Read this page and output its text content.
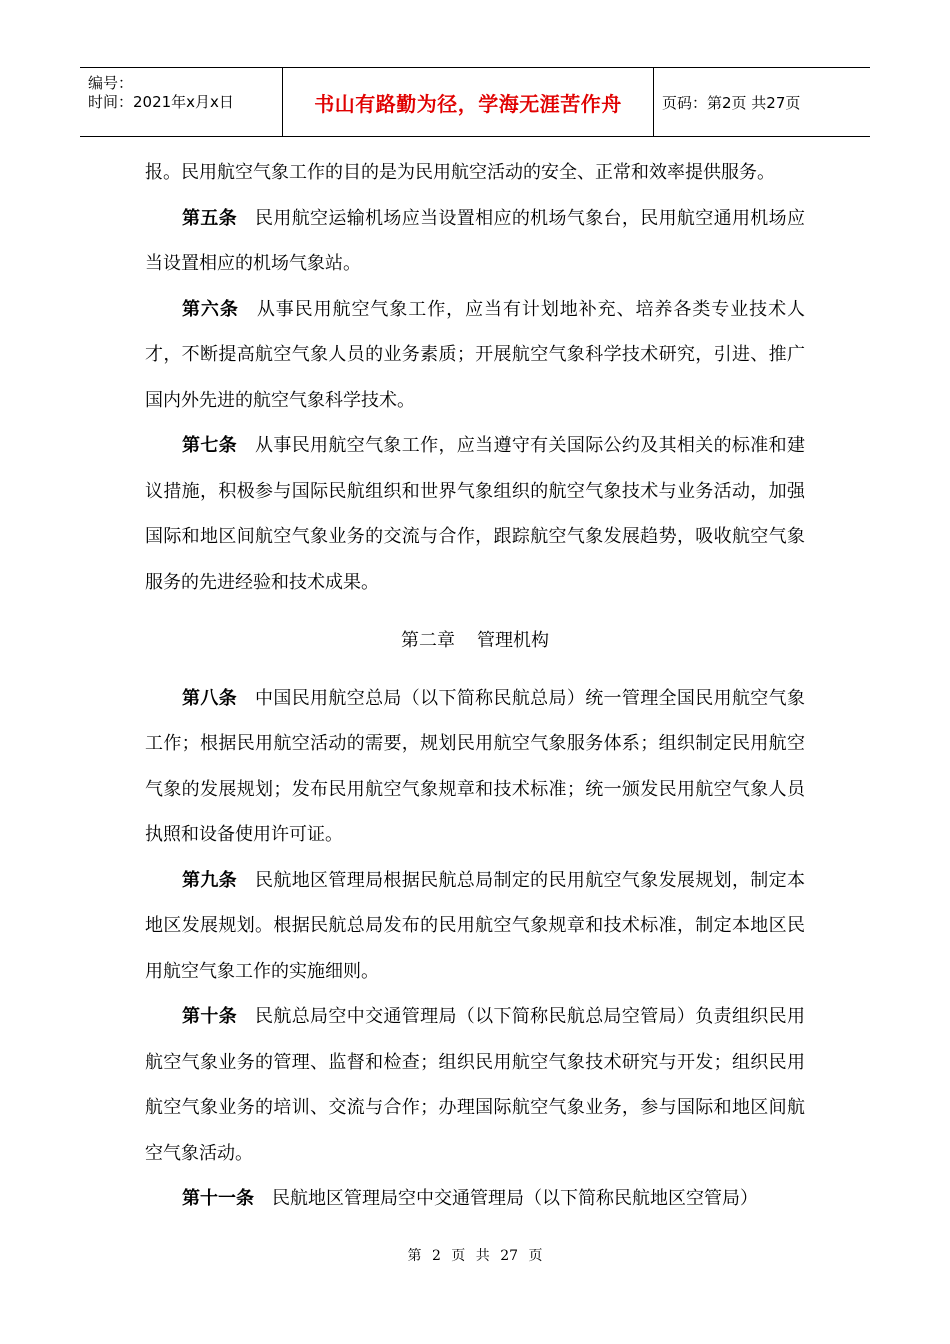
编号：
时间：2021年x月x日	书山有路勤为径，学海无涯苦作舟	页码：第2页 共27页

报。民用航空气象工作的目的是为民用航空活动的安全、正常和效率提供服务。

第五条 民用航空运输机场应当设置相应的机场气象台，民用航空通用机场应当设置相应的机场气象站。

第六条 从事民用航空气象工作，应当有计划地补充、培养各类专业技术人才，不断提高航空气象人员的业务素质；开展航空气象科学技术研究，引进、推广国内外先进的航空气象科学技术。

第七条 从事民用航空气象工作，应当遵守有关国际公约及其相关的标准和建议措施，积极参与国际民航组织和世界气象组织的航空气象技术与业务活动，加强国际和地区间航空气象业务的交流与合作，跟踪航空气象发展趋势，吸收航空气象服务的先进经验和技术成果。

第二章 管理机构

第八条 中国民用航空总局（以下简称民航总局）统一管理全国民用航空气象工作；根据民用航空活动的需要，规划民用航空气象服务体系；组织制定民用航空气象的发展规划；发布民用航空气象规章和技术标准；统一颁发民用航空气象人员执照和设备使用许可证。

第九条 民航地区管理局根据民航总局制定的民用航空气象发展规划，制定本地区发展规划。根据民航总局发布的民用航空气象规章和技术标准，制定本地区民用航空气象工作的实施细则。

第十条 民航总局空中交通管理局（以下简称民航总局空管局）负责组织民用航空气象业务的管理、监督和检查；组织民用航空气象技术研究与开发；组织民用航空气象业务的培训、交流与合作；办理国际航空气象业务，参与国际和地区间航空气象活动。

第十一条 民航地区管理局空中交通管理局（以下简称民航地区空管局）

第 2 页 共 27 页
